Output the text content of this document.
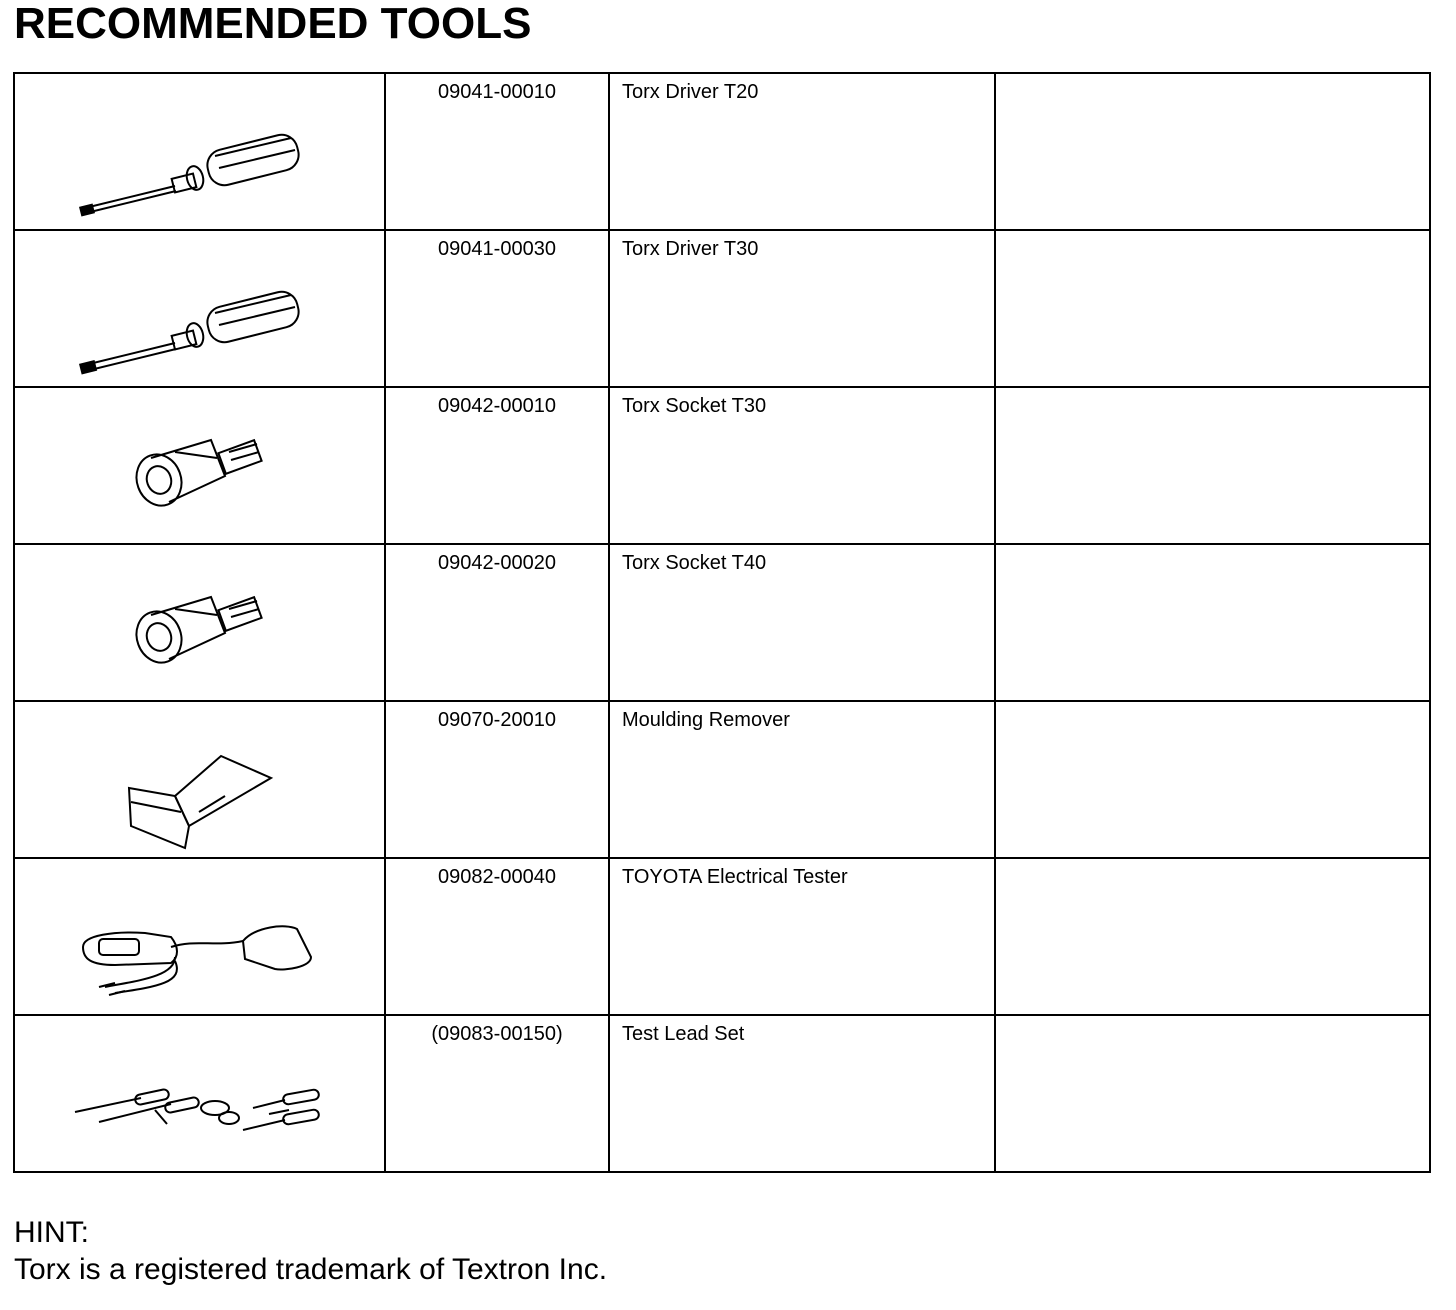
RECOMMENDED TOOLS
	09041-00010	Torx Driver T20	

	09041-00030	Torx Driver T30	

	09042-00010	Torx Socket T30	

	09042-00020	Torx Socket T40	

	09070-20010	Moulding Remover	

	09082-00040	TOYOTA Electrical Tester	

	(09083-00150)	Test Lead Set	
HINT:
Torx is a registered trademark of Textron Inc.
